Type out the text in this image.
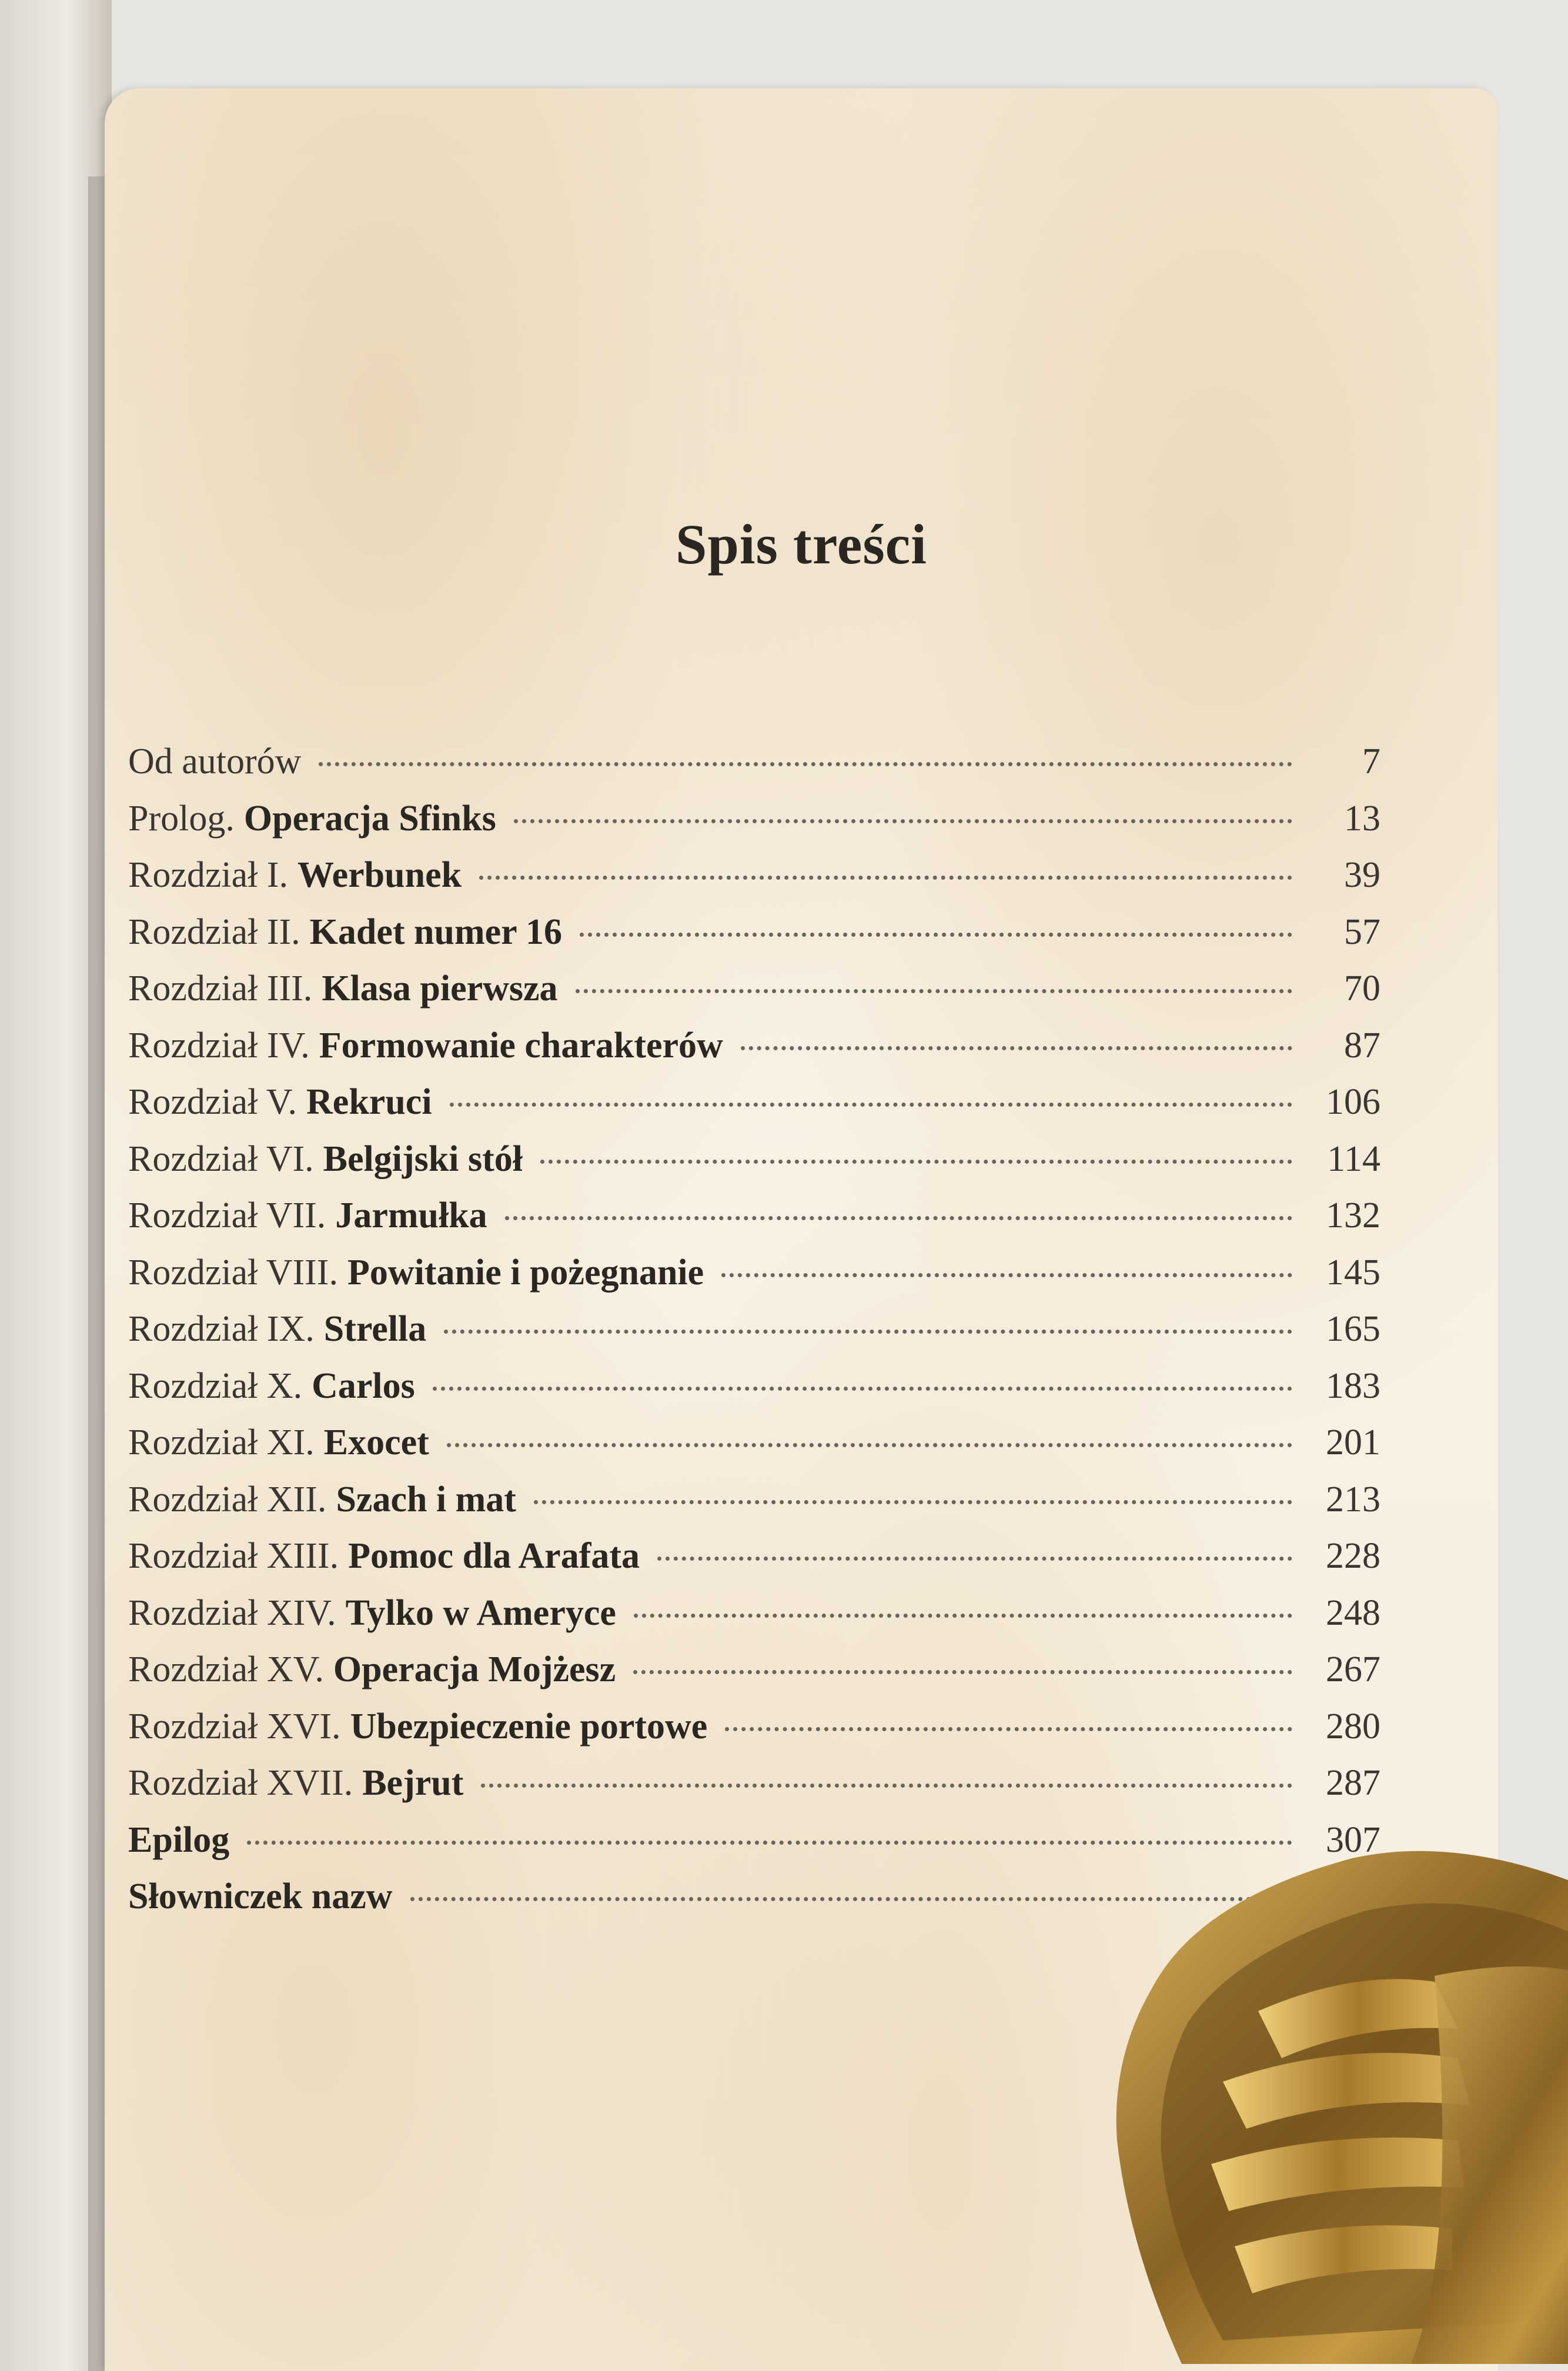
Spis treści
Od autorów	7
Prolog. Operacja Sfinks	13
Rozdział I. Werbunek	39
Rozdział II. Kadet numer 16	57
Rozdział III. Klasa pierwsza	70
Rozdział IV. Formowanie charakterów	87
Rozdział V. Rekruci	106
Rozdział VI. Belgijski stół	114
Rozdział VII. Jarmułka	132
Rozdział VIII. Powitanie i pożegnanie	145
Rozdział IX. Strella	165
Rozdział X. Carlos	183
Rozdział XI. Exocet	201
Rozdział XII. Szach i mat	213
Rozdział XIII. Pomoc dla Arafata	228
Rozdział XIV. Tylko w Ameryce	248
Rozdział XV. Operacja Mojżesz	267
Rozdział XVI. Ubezpieczenie portowe	280
Rozdział XVII. Bejrut	287
Epilog	307
Słowniczek nazw
